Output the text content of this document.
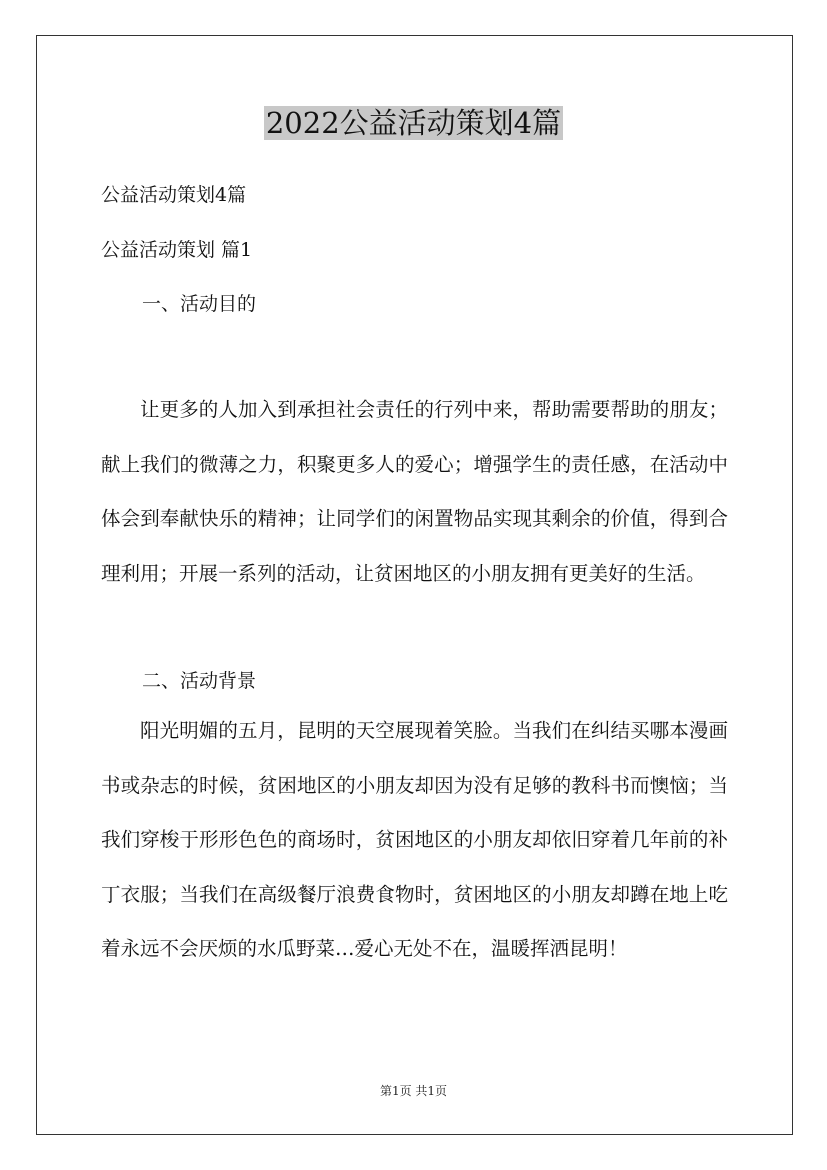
2022公益活动策划4篇
公益活动策划4篇
公益活动策划 篇1
一、活动目的
让更多的人加入到承担社会责任的行列中来，帮助需要帮助的朋友；献上我们的微薄之力，积聚更多人的爱心；增强学生的责任感，在活动中体会到奉献快乐的精神；让同学们的闲置物品实现其剩余的价值，得到合理利用；开展一系列的活动，让贫困地区的小朋友拥有更美好的生活。
二、活动背景
阳光明媚的五月，昆明的天空展现着笑脸。当我们在纠结买哪本漫画书或杂志的时候，贫困地区的小朋友却因为没有足够的教科书而懊恼；当我们穿梭于形形色色的商场时，贫困地区的小朋友却依旧穿着几年前的补丁衣服；当我们在高级餐厅浪费食物时，贫困地区的小朋友却蹲在地上吃着永远不会厌烦的水瓜野菜…爱心无处不在，温暖挥洒昆明！
第1页 共1页
